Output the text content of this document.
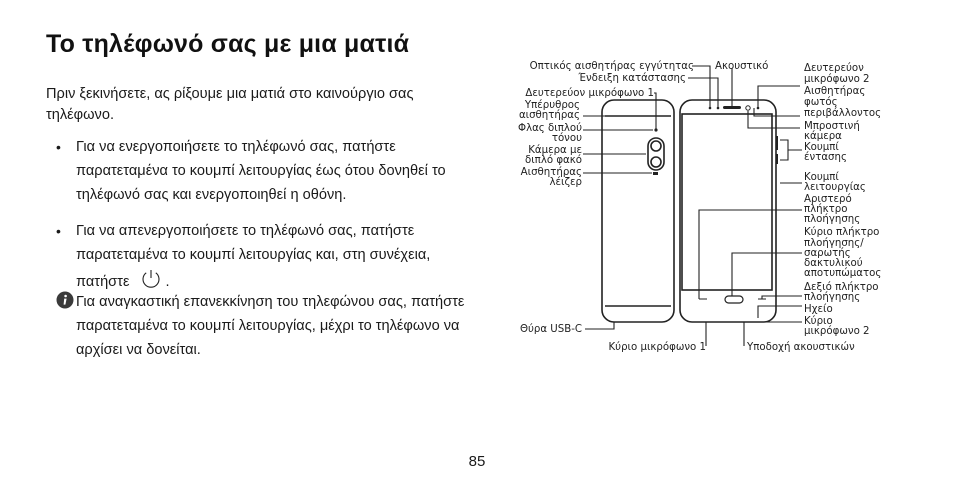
Το τηλέφωνό σας με μια ματιά

Πριν ξεκινήσετε, ας ρίξουμε μια ματιά στο καινούργιο σας τηλέφωνο.

• Για να ενεργοποιήσετε το τηλέφωνό σας, πατήστε παρατεταμένα το κουμπί λειτουργίας έως ότου δονηθεί το τηλέφωνό σας και ενεργοποιηθεί η οθόνη.
• Για να απενεργοποιήσετε το τηλέφωνό σας, πατήστε παρατεταμένα το κουμπί λειτουργίας και, στη συνέχεια, πατήστε .
Για αναγκαστική επανεκκίνηση του τηλεφώνου σας, πατήστε παρατεταμένα το κουμπί λειτουργίας, μέχρι το τηλέφωνο να αρχίσει να δονείται.
85
Οπτικός αισθητήρας εγγύτητας Ακουστικό
Ένδειξη κατάστασης
Δευτερεύον μικρόφωνο 1
Δευτερεύον
μικρόφωνο 2
Αισθητήρας
φωτός
περιβάλλοντος
Υπέρυθρος
αισθητήρας
Μπροστινή
κάμερα
Φλας διπλού
τόνου
Κουμπί
έντασης
Κάμερα με
διπλό φακό
Αισθητήρας
λέιζερ	Κουμπί
λειτουργίας
Αριστερό
πλήκτρο
πλοήγησης
Κύριο πλήκτρο
πλοήγησης/
σαρωτής
δακτυλικού
αποτυπώματος
Δεξιό πλήκτρο
πλοήγησης
Ηχείο
Θύρα USB-C
Κύριο
μικρόφωνο 2
Κύριο μικρόφωνο 1	Υποδοχή ακουστικών
